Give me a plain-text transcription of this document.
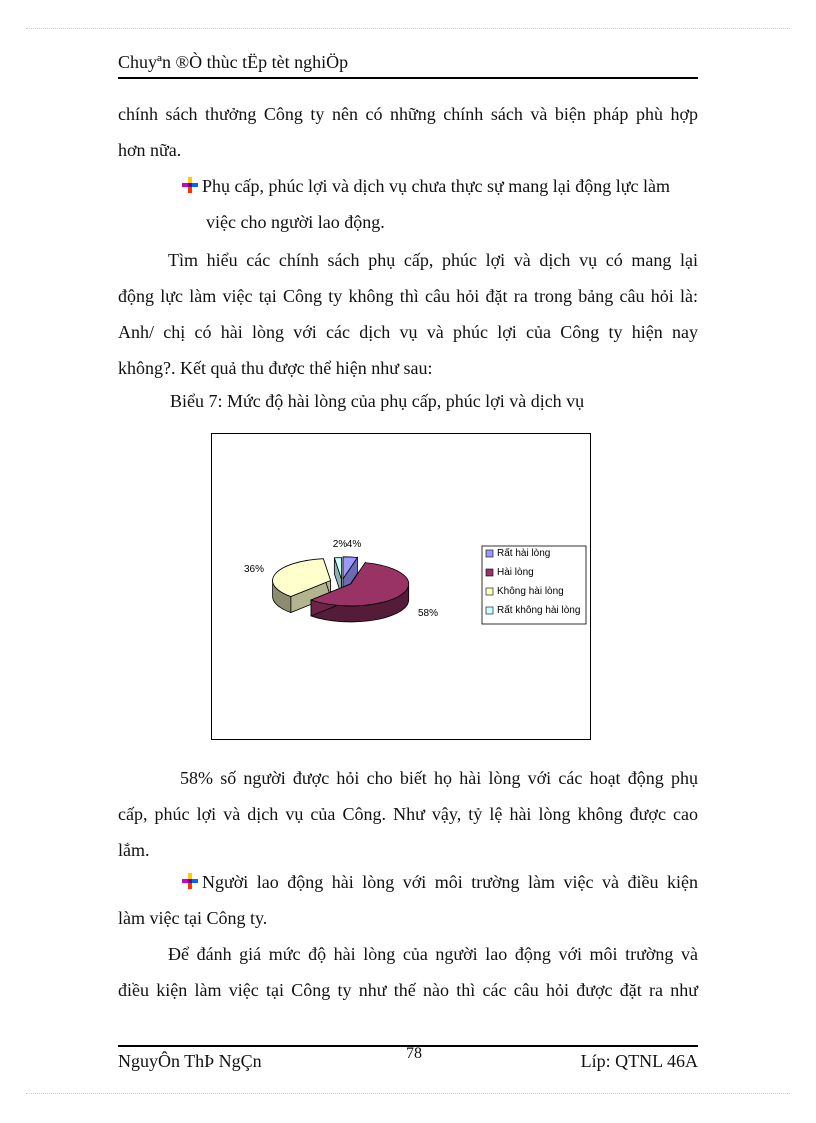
Chuyªn ®Ò thùc tËp tèt nghiÖp
chính sách thưởng Công ty nên có những chính sách và biện pháp phù hợp
hơn nữa.
Phụ cấp, phúc lợi và dịch vụ chưa thực sự mang lại động lực làm
việc cho người lao động.
Tìm hiểu các chính sách phụ cấp, phúc lợi và dịch vụ có mang lại
động lực làm việc tại Công ty không thì câu hỏi đặt ra trong bảng câu hỏi là:
Anh/ chị có hài lòng với các dịch vụ và phúc lợi của Công ty hiện nay
không?. Kết quả thu được thể hiện như sau:
Biểu 7: Mức độ hài lòng của phụ cấp, phúc lợi và dịch vụ
4%
58%
36%
2%
Rất hài lòng
Hài lòng
Không hài lòng
Rất không hài lòng
58% số người được hỏi cho biết họ hài lòng với các hoạt động phụ
cấp, phúc lợi và dịch vụ của Công. Như vậy, tỷ lệ hài lòng không được cao
lắm.
Người lao động hài lòng với môi trường làm việc và điều kiện
làm việc tại Công ty.
Để đánh giá mức độ hài lòng của người lao động với môi trường và
điều kiện làm việc tại Công ty như thế nào thì các câu hỏi được đặt ra như
NguyÔn ThÞ NgÇn	78	Líp: QTNL 46A
